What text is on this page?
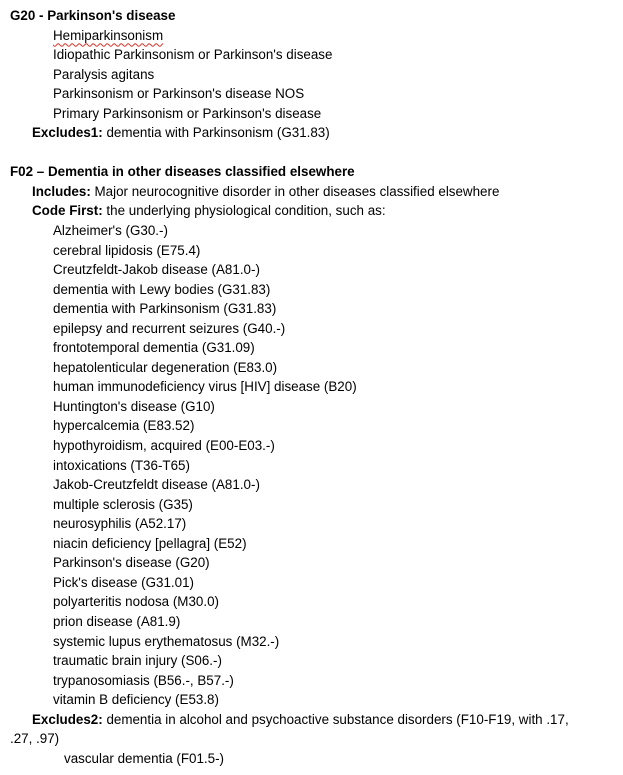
G20 - Parkinson's disease
Hemiparkinsonism
Idiopathic Parkinsonism or Parkinson's disease
Paralysis agitans
Parkinsonism or Parkinson's disease NOS
Primary Parkinsonism or Parkinson's disease
Excludes1: dementia with Parkinsonism (G31.83)
F02 – Dementia in other diseases classified elsewhere
Includes: Major neurocognitive disorder in other diseases classified elsewhere
Code First: the underlying physiological condition, such as:
Alzheimer's (G30.-)
cerebral lipidosis (E75.4)
Creutzfeldt-Jakob disease (A81.0-)
dementia with Lewy bodies (G31.83)
dementia with Parkinsonism (G31.83)
epilepsy and recurrent seizures (G40.-)
frontotemporal dementia (G31.09)
hepatolenticular degeneration (E83.0)
human immunodeficiency virus [HIV] disease (B20)
Huntington's disease (G10)
hypercalcemia (E83.52)
hypothyroidism, acquired (E00-E03.-)
intoxications (T36-T65)
Jakob-Creutzfeldt disease (A81.0-)
multiple sclerosis (G35)
neurosyphilis (A52.17)
niacin deficiency [pellagra] (E52)
Parkinson's disease (G20)
Pick's disease (G31.01)
polyarteritis nodosa (M30.0)
prion disease (A81.9)
systemic lupus erythematosus (M32.-)
traumatic brain injury (S06.-)
trypanosomiasis (B56.-, B57.-)
vitamin B deficiency (E53.8)
Excludes2: dementia in alcohol and psychoactive substance disorders (F10-F19, with .17,
.27, .97)
vascular dementia (F01.5-)
